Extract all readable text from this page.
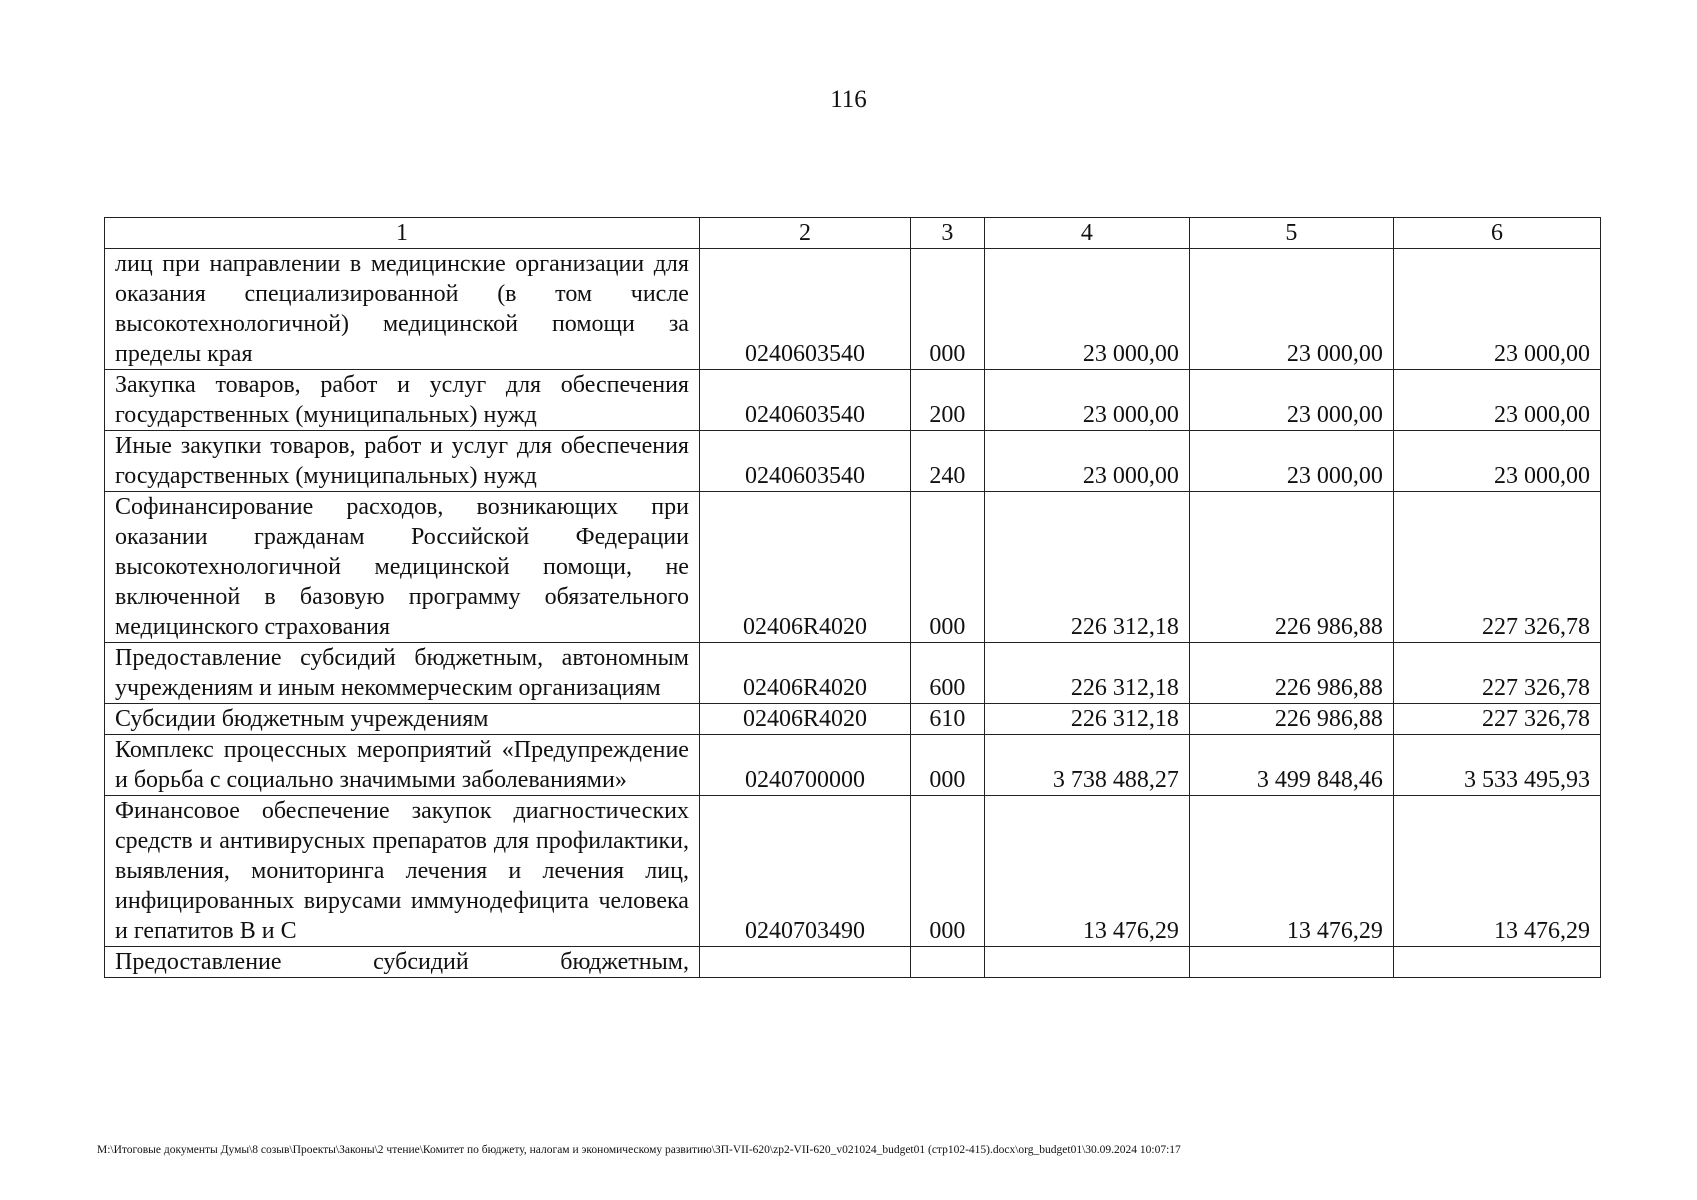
116
1	2	3	4	5	6
лиц при направлении в медицинские организации для оказания специализированной (в том числе высокотехнологичной) медицинской помощи за пределы края	0240603540	000	23 000,00	23 000,00	23 000,00
Закупка товаров, работ и услуг для обеспечения государственных (муниципальных) нужд	0240603540	200	23 000,00	23 000,00	23 000,00
Иные закупки товаров, работ и услуг для обеспечения государственных (муниципальных) нужд	0240603540	240	23 000,00	23 000,00	23 000,00
Софинансирование расходов, возникающих при оказании гражданам Российской Федерации высокотехнологичной медицинской помощи, не включенной в базовую программу обязательного медицинского страхования	02406R4020	000	226 312,18	226 986,88	227 326,78
Предоставление субсидий бюджетным, автономным учреждениям и иным некоммерческим организациям	02406R4020	600	226 312,18	226 986,88	227 326,78
Субсидии бюджетным учреждениям	02406R4020	610	226 312,18	226 986,88	227 326,78
Комплекс процессных мероприятий «Предупреждение и борьба с социально значимыми заболеваниями»	0240700000	000	3 738 488,27	3 499 848,46	3 533 495,93
Финансовое обеспечение закупок диагностических средств и антивирусных препаратов для профилактики, выявления, мониторинга лечения и лечения лиц, инфицированных вирусами иммунодефицита человека и гепатитов В и С	0240703490	000	13 476,29	13 476,29	13 476,29
Предоставление субсидий бюджетным,					
M:\Итоговые документы Думы\8 созыв\Проекты\Законы\2 чтение\Комитет по бюджету, налогам и экономическому развитию\ЗП-VII-620\zp2-VII-620_v021024_budget01 (стр102-415).docx\org_budget01\30.09.2024 10:07:17
